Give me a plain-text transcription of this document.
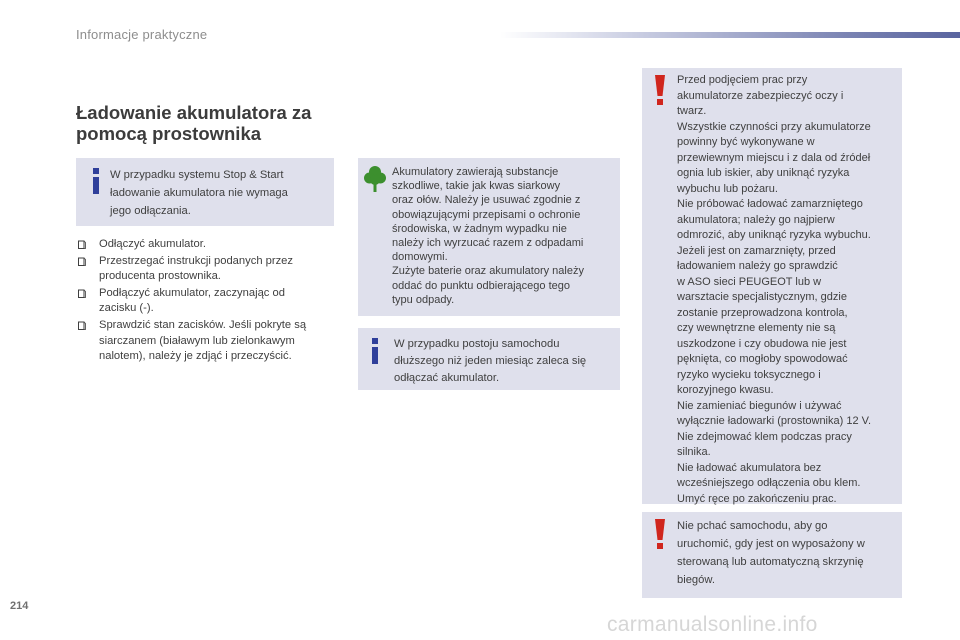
Informacje praktyczne
Ładowanie akumulatora za
pomocą prostownika
W przypadku systemu Stop & Start
ładowanie akumulatora nie wymaga
jego odłączania.
Odłączyć akumulator.
Przestrzegać instrukcji podanych przez
producenta prostownika.
Podłączyć akumulator, zaczynając od
zacisku (-).
Sprawdzić stan zacisków. Jeśli pokryte są
siarczanem (białawym lub zielonkawym
nalotem), należy je zdjąć i przeczyścić.
Akumulatory zawierają substancje
szkodliwe, takie jak kwas siarkowy
oraz ołów. Należy je usuwać zgodnie z
obowiązującymi przepisami o ochronie
środowiska, w żadnym wypadku nie
należy ich wyrzucać razem z odpadami
domowymi.
Zużyte baterie oraz akumulatory należy
oddać do punktu odbierającego tego
typu odpady.
W przypadku postoju samochodu
dłuższego niż jeden miesiąc zaleca się
odłączać akumulator.
Przed podjęciem prac przy
akumulatorze zabezpieczyć oczy i
twarz.
Wszystkie czynności przy akumulatorze
powinny być wykonywane w
przewiewnym miejscu i z dala od źródeł
ognia lub iskier, aby uniknąć ryzyka
wybuchu lub pożaru.
Nie próbować ładować zamarzniętego
akumulatora; należy go najpierw
odmrozić, aby uniknąć ryzyka wybuchu.
Jeżeli jest on zamarznięty, przed
ładowaniem należy go sprawdzić
w ASO sieci PEUGEOT lub w
warsztacie specjalistycznym, gdzie
zostanie przeprowadzona kontrola,
czy wewnętrzne elementy nie są
uszkodzone i czy obudowa nie jest
pęknięta, co mogłoby spowodować
ryzyko wycieku toksycznego i
korozyjnego kwasu.
Nie zamieniać biegunów i używać
wyłącznie ładowarki (prostownika) 12 V.
Nie zdejmować klem podczas pracy
silnika.
Nie ładować akumulatora bez
wcześniejszego odłączenia obu klem.
Umyć ręce po zakończeniu prac.
Nie pchać samochodu, aby go
uruchomić, gdy jest on wyposażony w
sterowaną lub automatyczną skrzynię
biegów.
214
carmanualsonline.info
